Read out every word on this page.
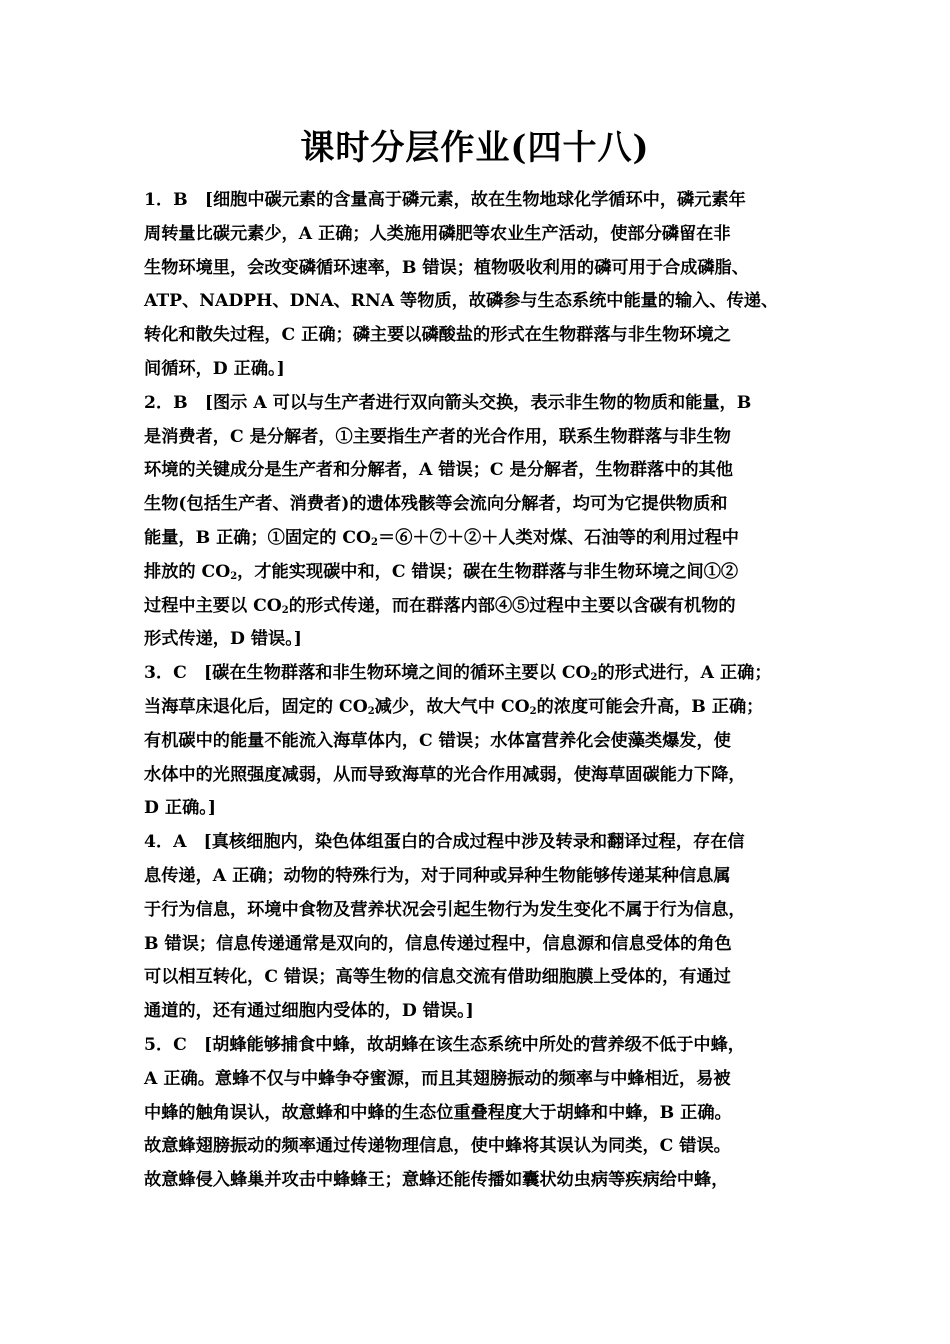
课时分层作业(四十八)
1．B　[细胞中碳元素的含量高于磷元素，故在生物地球化学循环中，磷元素年
周转量比碳元素少，A 正确；人类施用磷肥等农业生产活动，使部分磷留在非
生物环境里，会改变磷循环速率，B 错误；植物吸收利用的磷可用于合成磷脂、
ATP、NADPH、DNA、RNA 等物质，故磷参与生态系统中能量的输入、传递、
转化和散失过程，C 正确；磷主要以磷酸盐的形式在生物群落与非生物环境之
间循环，D 正确。]
2．B　[图示 A 可以与生产者进行双向箭头交换，表示非生物的物质和能量，B
是消费者，C 是分解者，①主要指生产者的光合作用，联系生物群落与非生物
环境的关键成分是生产者和分解者，A 错误；C 是分解者，生物群落中的其他
生物(包括生产者、消费者)的遗体残骸等会流向分解者，均可为它提供物质和
能量，B 正确；①固定的 $CO_2=⑥+⑦+②+$人类对煤、石油等的利用过程中
排放的 $CO_2$，才能实现碳中和，C 错误；碳在生物群落与非生物环境之间①②
过程中主要以 $CO_2$的形式传递，而在群落内部④⑤过程中主要以含碳有机物的
形式传递，D 错误。]
3．C　[碳在生物群落和非生物环境之间的循环主要以 $CO_2$的形式进行，A 正确；
当海草床退化后，固定的 $CO_2$减少，故大气中 $CO_2$的浓度可能会升高，B 正确；
有机碳中的能量不能流入海草体内，C 错误；水体富营养化会使藻类爆发，使
水体中的光照强度减弱，从而导致海草的光合作用减弱，使海草固碳能力下降，
D 正确。]
4．A　[真核细胞内，染色体组蛋白的合成过程中涉及转录和翻译过程，存在信
息传递，A 正确；动物的特殊行为，对于同种或异种生物能够传递某种信息属
于行为信息，环境中食物及营养状况会引起生物行为发生变化不属于行为信息，
B 错误；信息传递通常是双向的，信息传递过程中，信息源和信息受体的角色
可以相互转化，C 错误；高等生物的信息交流有借助细胞膜上受体的，有通过
通道的，还有通过细胞内受体的，D 错误。]
5．C　[胡蜂能够捕食中蜂，故胡蜂在该生态系统中所处的营养级不低于中蜂，
A 正确。意蜂不仅与中蜂争夺蜜源，而且其翅膀振动的频率与中蜂相近，易被
中蜂的触角误认，故意蜂和中蜂的生态位重叠程度大于胡蜂和中蜂，B 正确。
故意蜂翅膀振动的频率通过传递物理信息，使中蜂将其误认为同类，C 错误。
故意蜂侵入蜂巢并攻击中蜂蜂王；意蜂还能传播如囊状幼虫病等疾病给中蜂，
